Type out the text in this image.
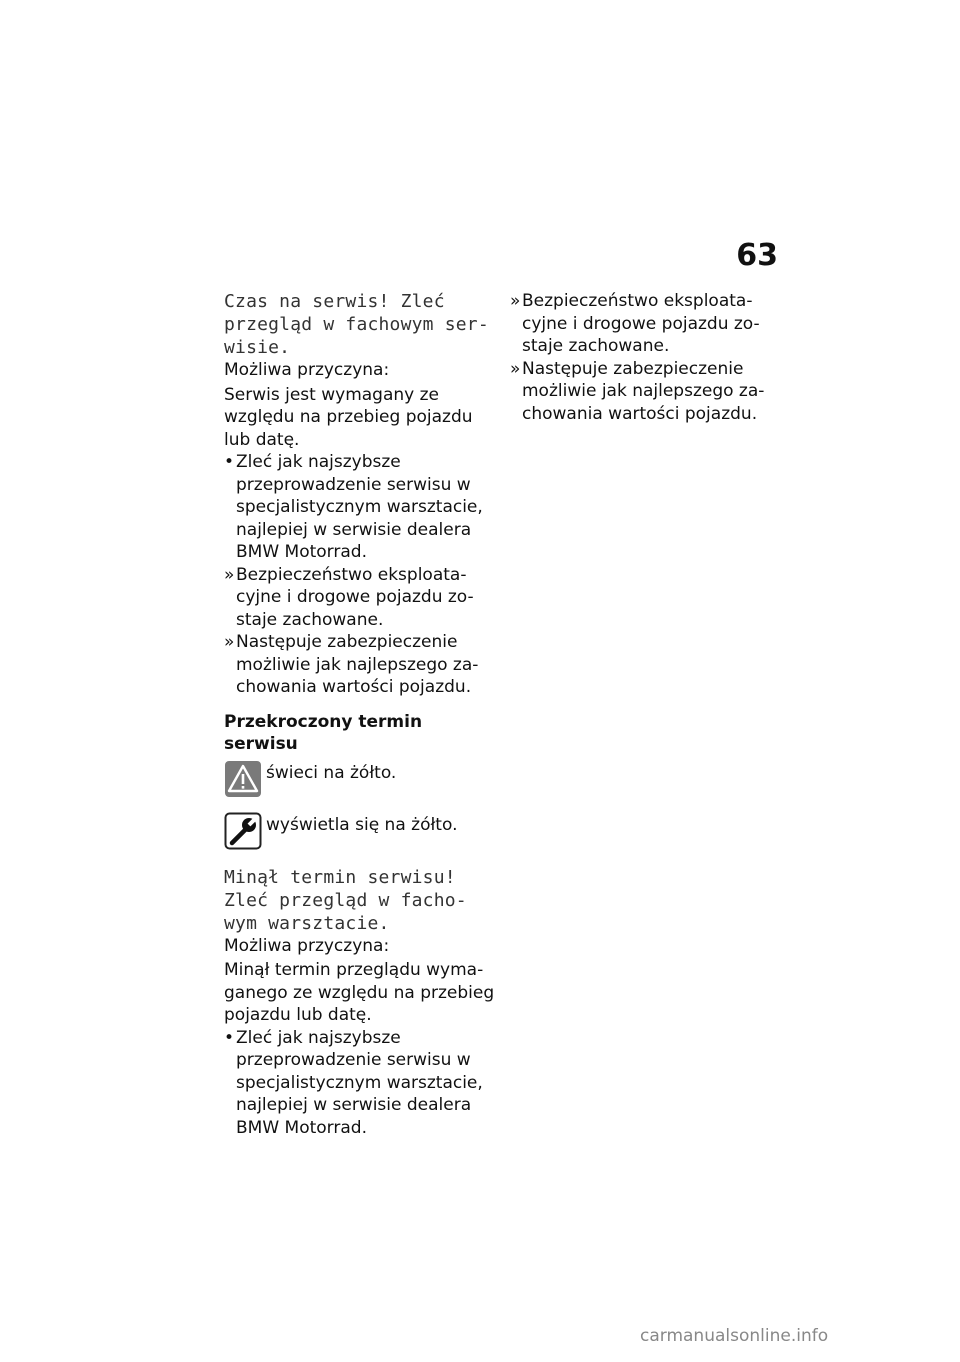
63
Czas na serwis! Zleć
przegląd w fachowym ser-
wisie.
Możliwa przyczyna:
Serwis jest wymagany ze
względu na przebieg pojazdu
lub datę.
• Zleć jak najszybsze
przeprowadzenie serwisu w
specjalistycznym warsztacie,
najlepiej w serwisie dealera
BMW Motorrad.
» Bezpieczeństwo eksploata-
cyjne i drogowe pojazdu zo-
staje zachowane.
» Następuje zabezpieczenie
możliwie jak najlepszego za-
chowania wartości pojazdu.
Przekroczony termin serwisu
świeci na żółto.
wyświetla się na żółto.
Minął termin serwisu!
Zleć przegląd w facho-
wym warsztacie.
Możliwa przyczyna:
Minął termin przeglądu wyma-
ganego ze względu na przebieg
pojazdu lub datę.
• Zleć jak najszybsze
przeprowadzenie serwisu w
specjalistycznym warsztacie,
najlepiej w serwisie dealera
BMW Motorrad.
» Bezpieczeństwo eksploata-
cyjne i drogowe pojazdu zo-
staje zachowane.
» Następuje zabezpieczenie
możliwie jak najlepszego za-
chowania wartości pojazdu.
carmanualsonline.info
